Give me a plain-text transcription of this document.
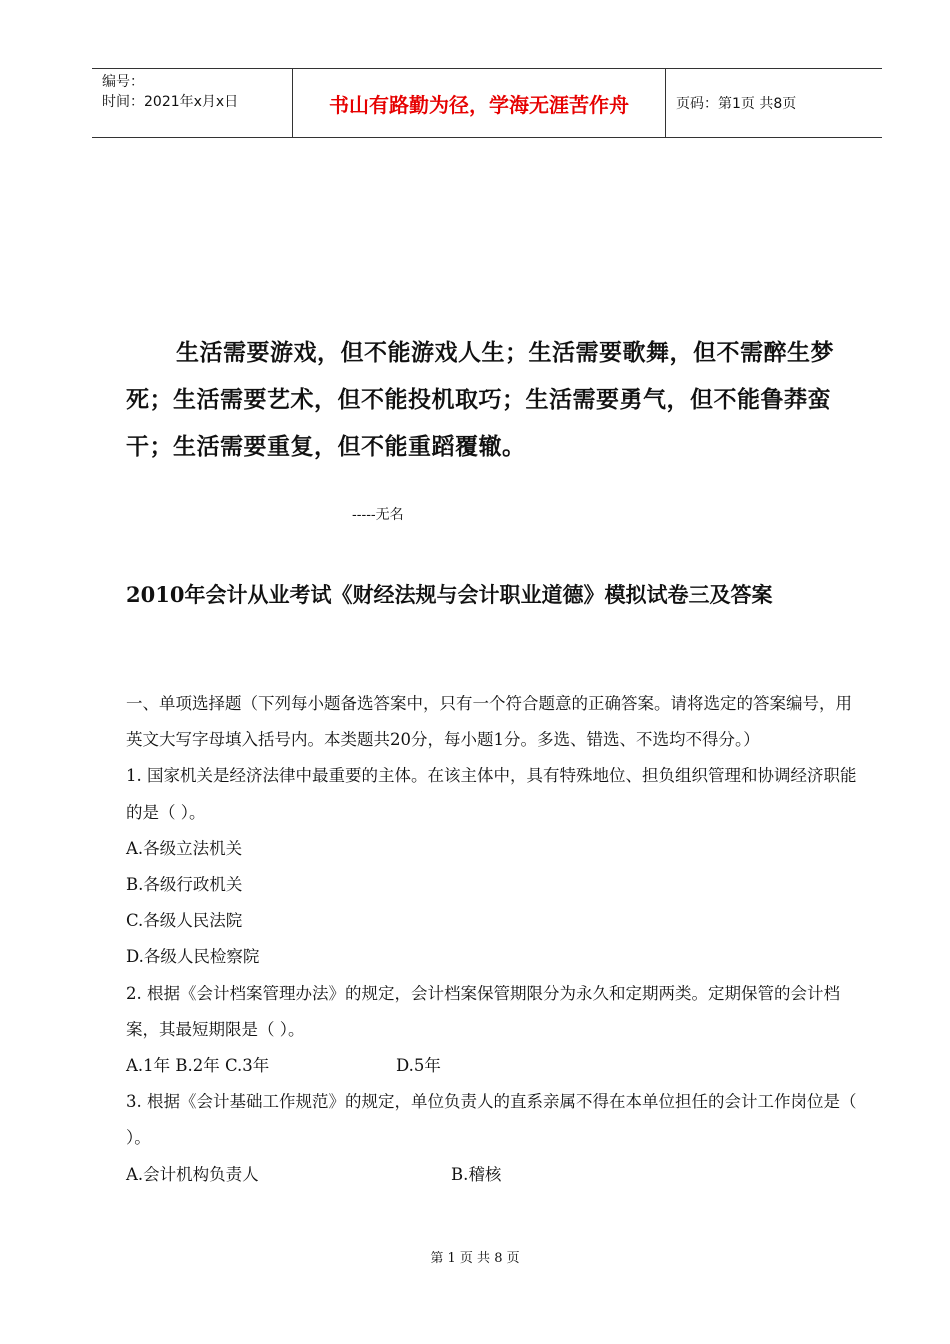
编号：
时间：2021年x月x日	书山有路勤为径，学海无涯苦作舟	页码：第1页 共8页
生活需要游戏，但不能游戏人生；生活需要歌舞，但不需醉生梦死；生活需要艺术，但不能投机取巧；生活需要勇气，但不能鲁莽蛮干；生活需要重复，但不能重蹈覆辙。
-----无名
2010年会计从业考试《财经法规与会计职业道德》模拟试卷三及答案

一、单项选择题（下列每小题备选答案中，只有一个符合题意的正确答案。请将选定的答案编号，用英文大写字母填入括号内。本类题共20分，每小题1分。多选、错选、不选均不得分。）

1. 国家机关是经济法律中最重要的主体。在该主体中，具有特殊地位、担负组织管理和协调经济职能的是（ ）。

A.各级立法机关

B.各级行政机关

C.各级人民法院

D.各级人民检察院

2. 根据《会计档案管理办法》的规定，会计档案保管期限分为永久和定期两类。定期保管的会计档案，其最短期限是（ ）。

A.1年 B.2年 C.3年	D.5年

3. 根据《会计基础工作规范》的规定，单位负责人的直系亲属不得在本单位担任的会计工作岗位是（ ）。

A.会计机构负责人	B.稽核
第 1 页 共 8 页
